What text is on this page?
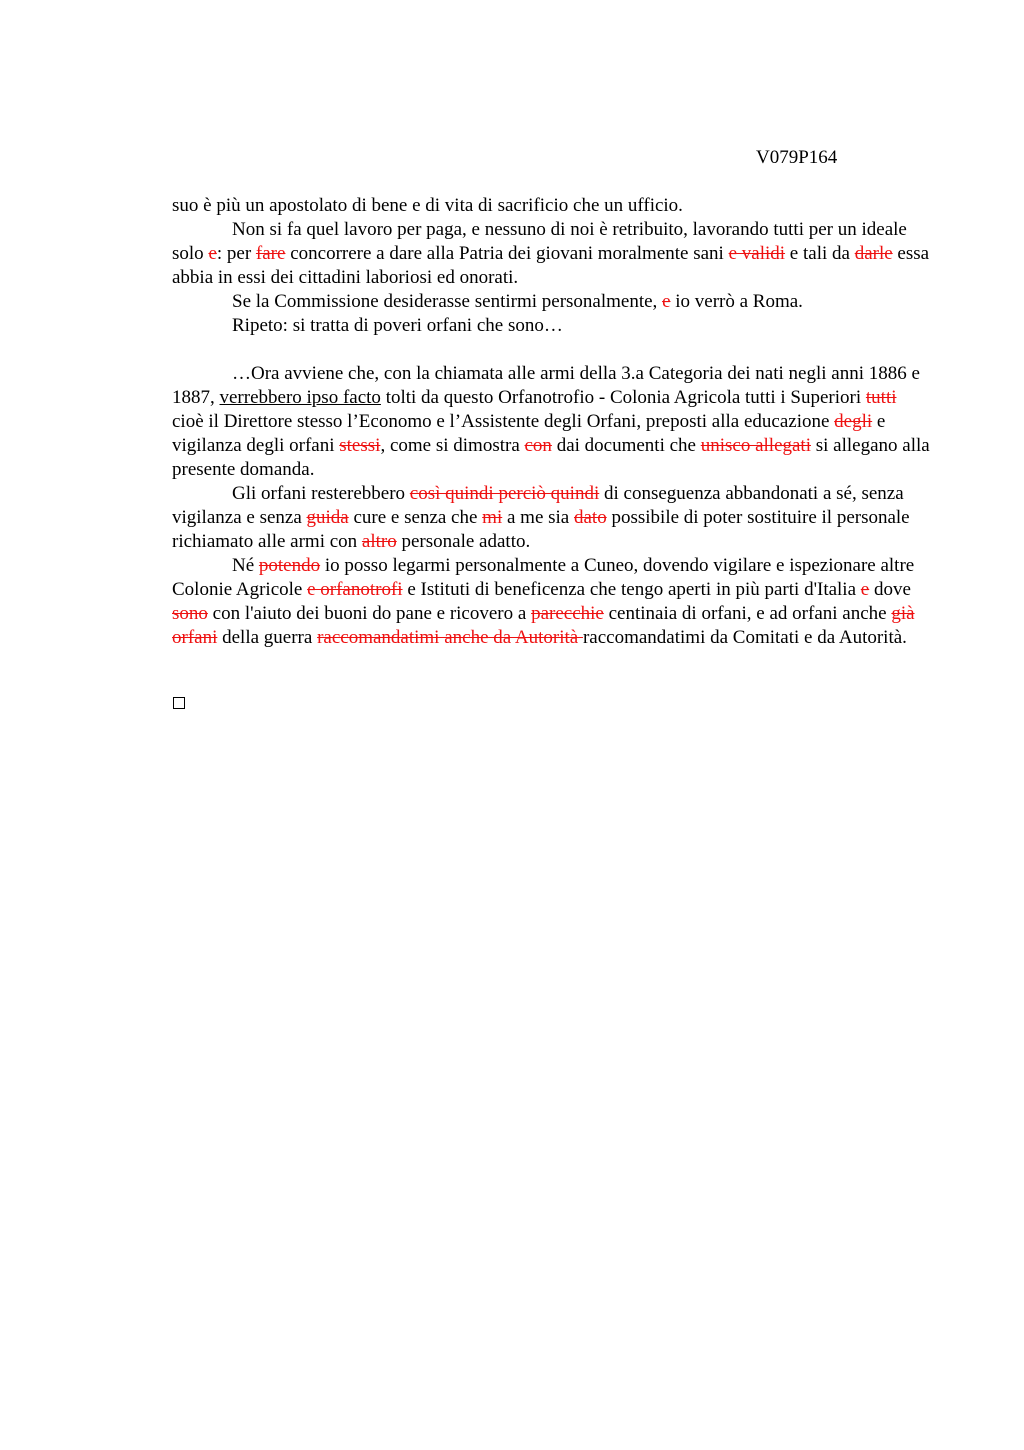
V079P164

suo è più un apostolato di bene e di vita di sacrificio che un ufficio.

Non si fa quel lavoro per paga, e nessuno di noi è retribuito, lavorando tutti per un ideale solo e: per fare concorrere a dare alla Patria dei giovani moralmente sani e validi e tali da darle essa abbia in essi dei cittadini laboriosi ed onorati.

Se la Commissione desiderasse sentirmi personalmente, e io verrò a Roma.

Ripeto: si tratta di poveri orfani che sono…

…Ora avviene che, con la chiamata alle armi della 3.a Categoria dei nati negli anni 1886 e 1887, verrebbero ipso facto tolti da questo Orfanotrofio - Colonia Agricola tutti i Superiori tutti cioè il Direttore stesso l’Economo e l’Assistente degli Orfani, preposti alla educazione degli e vigilanza degli orfani stessi, come si dimostra con dai documenti che unisco allegati si allegano alla presente domanda.

Gli orfani resterebbero così quindi perciò quindi di conseguenza abbandonati a sé, senza vigilanza e senza guida cure e senza che mi a me sia dato possibile di poter sostituire il personale richiamato alle armi con altro personale adatto.

Né potendo io posso legarmi personalmente a Cuneo, dovendo vigilare e ispezionare altre Colonie Agricole e orfanotrofi e Istituti di beneficenza che tengo aperti in più parti d'Italia e dove sono con l'aiuto dei buoni do pane e ricovero a parecchie centinaia di orfani, e ad orfani anche già orfani della guerra raccomandatimi anche da Autorità raccomandatimi da Comitati e da Autorità.
